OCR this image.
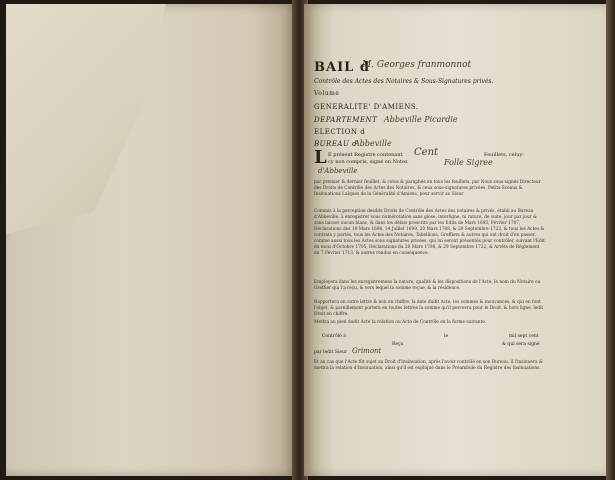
BAIL d
M. Georges franmonnot
Contrôle des Actes des Notaires & Sous-Signatures privés.
Volume
GENERALITE' D'AMIENS.
DEPARTEMENT Abbeville Picardie
ELECTION d
BUREAU d
Abbeville
L E présent Registre contenant Cent	Feuillets, celuy-
cy non compris, signé en Notes	Folle Sigree
d'Abbeville
par premier & dernier feuillet, & cotes & paraphés en tous les feuillets, par Nous sous-signés Directeur des Droits de Contrôle des Actes des Notaires, & ceux sous-signatures privées, Petits-Sceaux & Insinuations Laïques de la Généralité d'Amiens, pour servir au Sieur
Commis à la perception desdits Droits de Contrôle des Actes des notaires & privés, établi au Bureau d'Abbeville, à enregistrer sous numérotation sans glose, interligne, ni rature, de suite, jour par jour & sans laisser aucun blanc, & dans les délais prescrits par les Edits de Mars 1693, Février 1707, Déclarations des 19 Mars 1696, 14 Juillet 1699, 20 Mars 1708, & 29 Septembre 1722, & tous les Actes & contrats y portés, tous les Actes des Notaires, Tabellions, Greffiers & autres qui ont droit d'en passer, comme aussi tous les Actes sous signatures privées, qui lui seront présentés pour contrôler, suivant l'Edit du mois d'Octobre 1705, Déclarations du 20 Mars 1708, & 29 Septembre 1722, & Arrêts de Règlement du 7 Février 1713, & autres rendus en conséquence.
Employera dans les enregistremens la nature, qualité & les dispositions de l'Acte, le nom du Notaire ou Greffier qui l'a reçu, & vers lequel la somme reçue, & la résidence.
Rapportera en outre lettre & non en chiffre, la date dudit Acte, les sommes & mouvances, & qui en font l'objet, & pareillement portera en toutes lettres la somme qu'il percevra pour le Droit, & hors ligne, ledit Droit en chiffre.
Mettra au pied dudit Acte la relation ou Acte de Contrôle en la forme suivante.
Contrôlé à	le	mil sept cent
Reçu	& qui sera signé
par ledit Sieur Grimont
Et au cas que l'Acte fût sujet au Droit d'Insinuation, après l'avoir contrôlé en son Bureau, il l'insinuera & mettra la relation d'Insinuation, ainsi qu'il est expliqué dans le Préambule du Registre des Insinuations.
